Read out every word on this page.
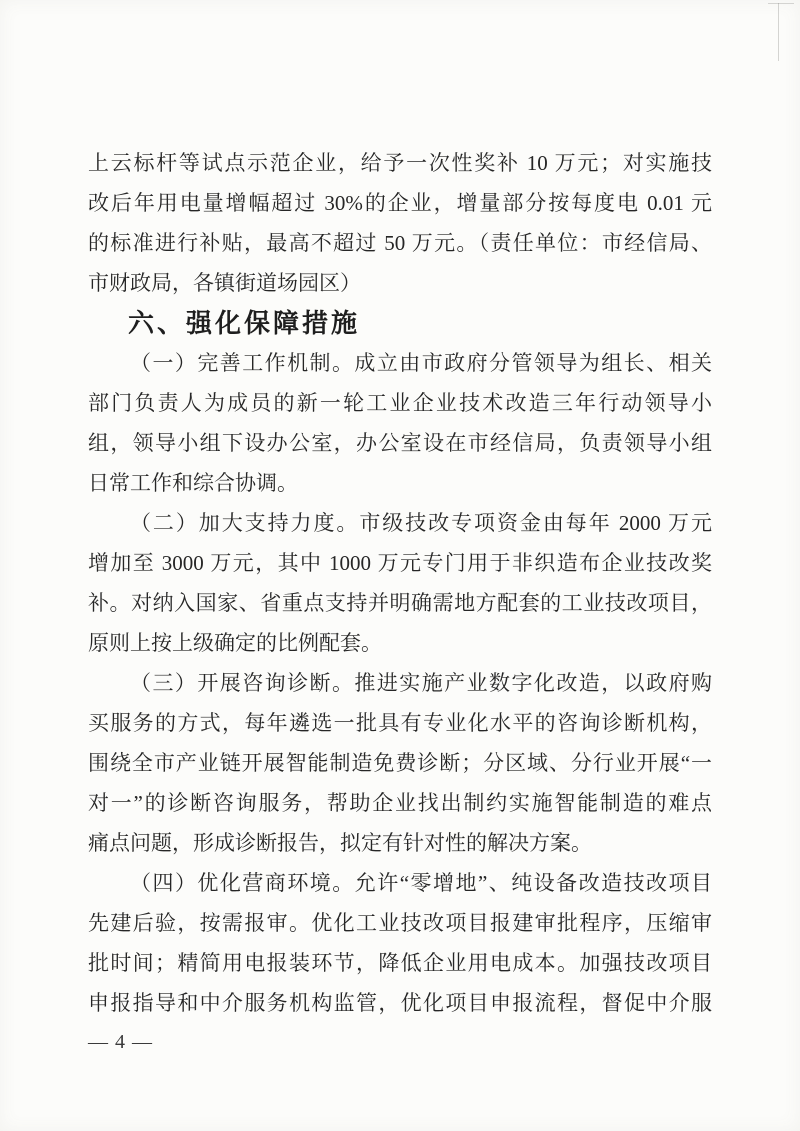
上云标杆等试点示范企业，给予一次性奖补 10 万元；对实施技
改后年用电量增幅超过 30%的企业，增量部分按每度电 0.01 元
的标准进行补贴，最高不超过 50 万元。（责任单位：市经信局、
市财政局，各镇街道场园区）
六、强化保障措施
（一）完善工作机制。成立由市政府分管领导为组长、相关
部门负责人为成员的新一轮工业企业技术改造三年行动领导小
组，领导小组下设办公室，办公室设在市经信局，负责领导小组
日常工作和综合协调。
（二）加大支持力度。市级技改专项资金由每年 2000 万元
增加至 3000 万元，其中 1000 万元专门用于非织造布企业技改奖
补。对纳入国家、省重点支持并明确需地方配套的工业技改项目，
原则上按上级确定的比例配套。
（三）开展咨询诊断。推进实施产业数字化改造，以政府购
买服务的方式，每年遴选一批具有专业化水平的咨询诊断机构，
围绕全市产业链开展智能制造免费诊断；分区域、分行业开展“一
对一”的诊断咨询服务，帮助企业找出制约实施智能制造的难点
痛点问题，形成诊断报告，拟定有针对性的解决方案。
（四）优化营商环境。允许“零增地”、纯设备改造技改项目
先建后验，按需报审。优化工业技改项目报建审批程序，压缩审
批时间；精简用电报装环节，降低企业用电成本。加强技改项目
申报指导和中介服务机构监管，优化项目申报流程，督促中介服
— 4 —
